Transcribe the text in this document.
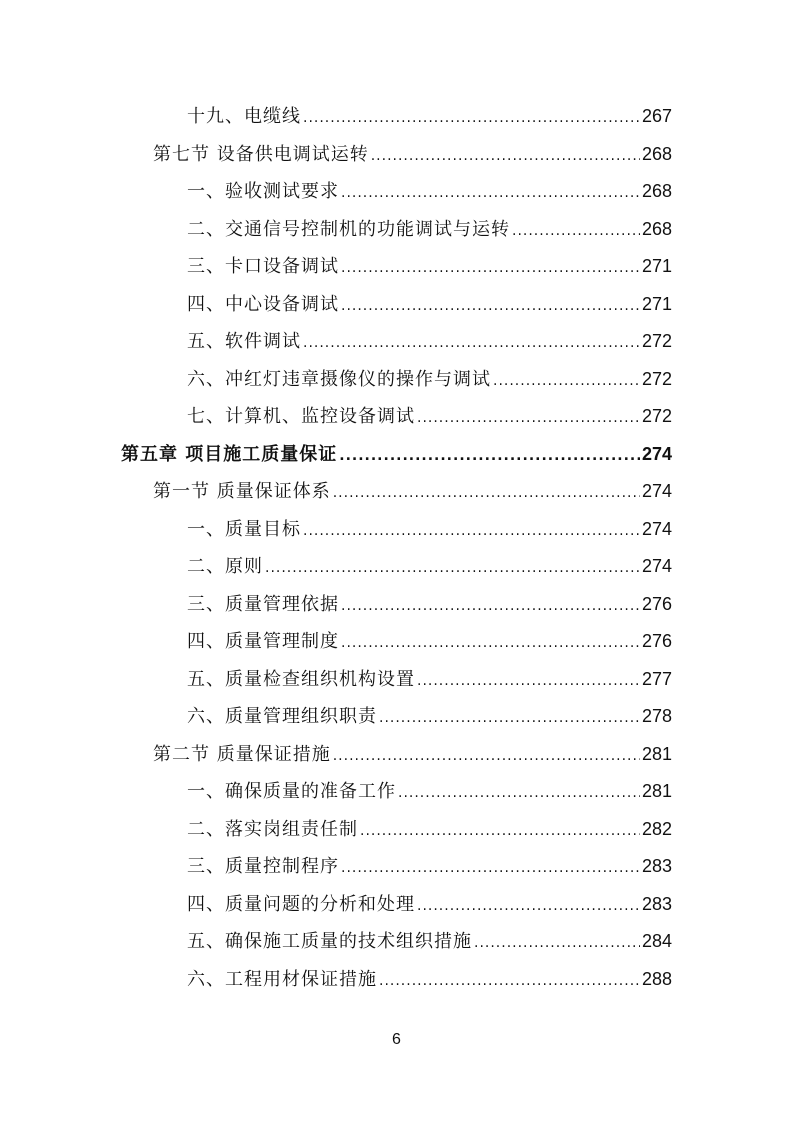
十九、电缆线 .....	267
第七节 设备供电调试运转 .....	268
一、验收测试要求 .....	268
二、交通信号控制机的功能调试与运转 .....	268
三、卡口设备调试 .....	271
四、中心设备调试 .....	271
五、软件调试 .....	272
六、冲红灯违章摄像仪的操作与调试 .....	272
七、计算机、监控设备调试 .....	272
第五章 项目施工质量保证 .....	274
第一节 质量保证体系 .....	274
一、质量目标 .....	274
二、原则 .....	274
三、质量管理依据 .....	276
四、质量管理制度 .....	276
五、质量检查组织机构设置 .....	277
六、质量管理组织职责 .....	278
第二节 质量保证措施 .....	281
一、确保质量的准备工作 .....	281
二、落实岗组责任制 .....	282
三、质量控制程序 .....	283
四、质量问题的分析和处理 .....	283
五、确保施工质量的技术组织措施 .....	284
六、工程用材保证措施 .....	288
6
